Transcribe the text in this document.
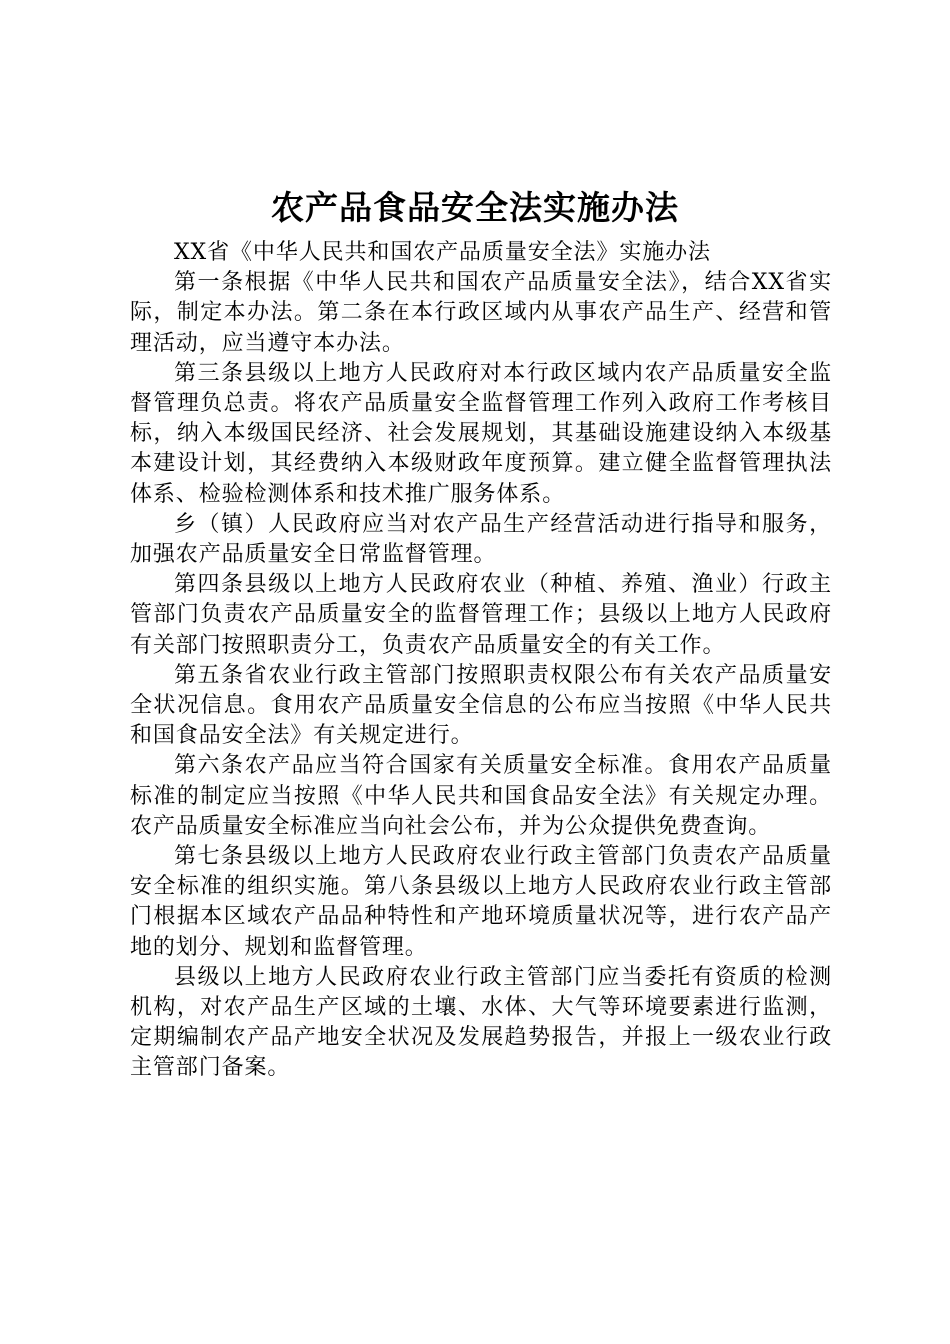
农产品食品安全法实施办法

XX省《中华人民共和国农产品质量安全法》实施办法

第一条根据《中华人民共和国农产品质量安全法》，结合XX省实际，制定本办法。第二条在本行政区域内从事农产品生产、经营和管理活动，应当遵守本办法。

第三条县级以上地方人民政府对本行政区域内农产品质量安全监督管理负总责。将农产品质量安全监督管理工作列入政府工作考核目标，纳入本级国民经济、社会发展规划，其基础设施建设纳入本级基本建设计划，其经费纳入本级财政年度预算。建立健全监督管理执法体系、检验检测体系和技术推广服务体系。

乡（镇）人民政府应当对农产品生产经营活动进行指导和服务，加强农产品质量安全日常监督管理。

第四条县级以上地方人民政府农业（种植、养殖、渔业）行政主管部门负责农产品质量安全的监督管理工作；县级以上地方人民政府有关部门按照职责分工，负责农产品质量安全的有关工作。

第五条省农业行政主管部门按照职责权限公布有关农产品质量安全状况信息。食用农产品质量安全信息的公布应当按照《中华人民共和国食品安全法》有关规定进行。

第六条农产品应当符合国家有关质量安全标准。食用农产品质量标准的制定应当按照《中华人民共和国食品安全法》有关规定办理。农产品质量安全标准应当向社会公布，并为公众提供免费查询。

第七条县级以上地方人民政府农业行政主管部门负责农产品质量安全标准的组织实施。第八条县级以上地方人民政府农业行政主管部门根据本区域农产品品种特性和产地环境质量状况等，进行农产品产地的划分、规划和监督管理。

县级以上地方人民政府农业行政主管部门应当委托有资质的检测机构，对农产品生产区域的土壤、水体、大气等环境要素进行监测，定期编制农产品产地安全状况及发展趋势报告，并报上一级农业行政主管部门备案。
